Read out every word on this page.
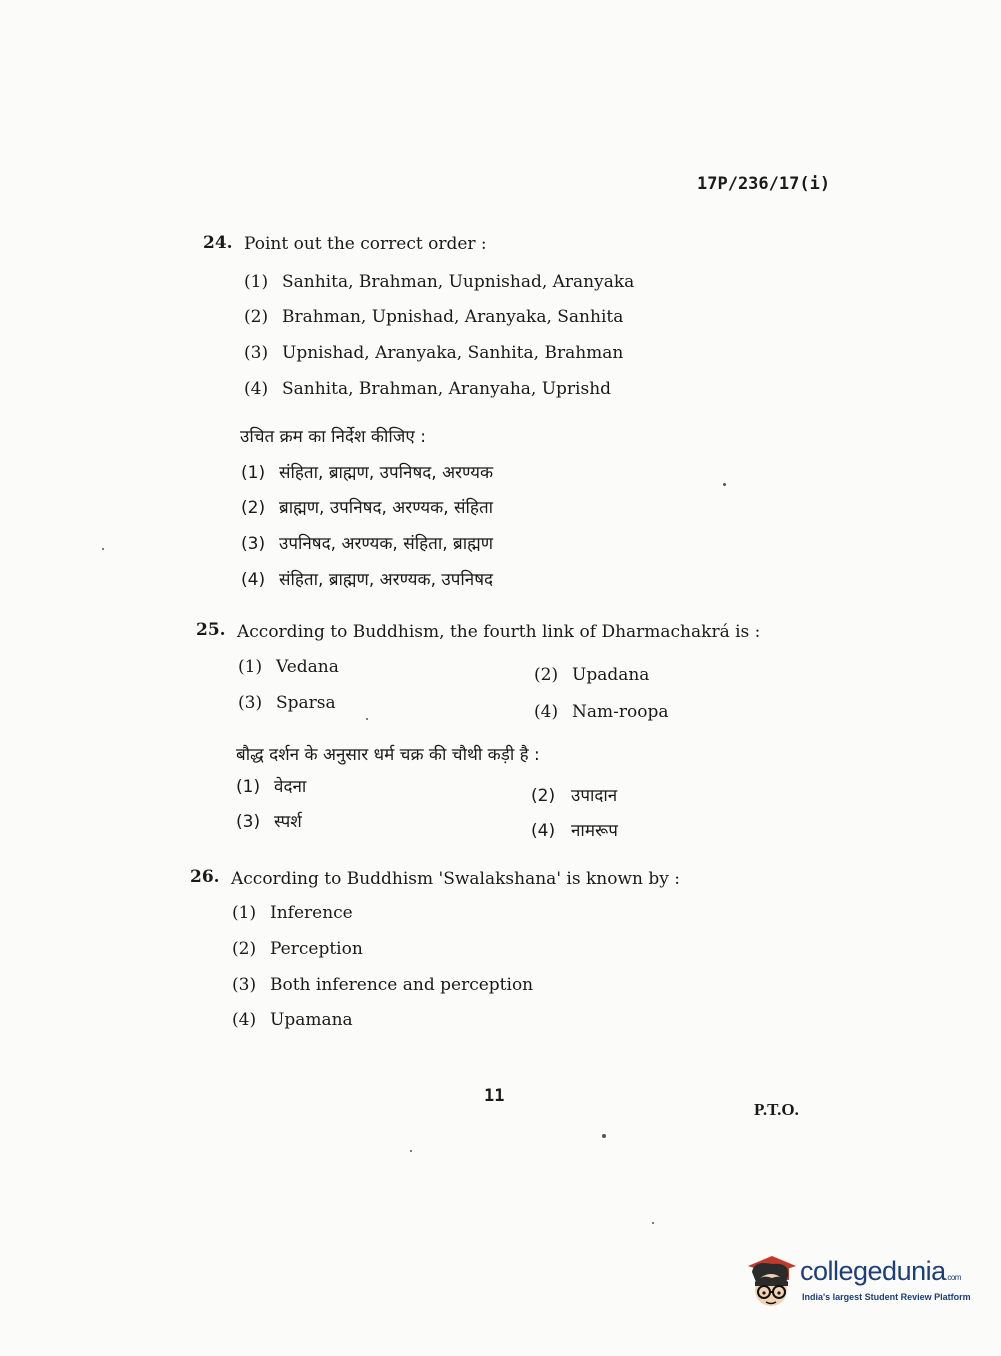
17P/236/17(i)
24. Point out the correct order :
(1) Sanhita, Brahman, Uupnishad, Aranyaka
(2) Brahman, Upnishad, Aranyaka, Sanhita
(3) Upnishad, Aranyaka, Sanhita, Brahman
(4) Sanhita, Brahman, Aranyaha, Uprishd
उचित क्रम का निर्देश कीजिए :
(1) संहिता, ब्राह्मण, उपनिषद, अरण्यक
(2) ब्राह्मण, उपनिषद, अरण्यक, संहिता
(3) उपनिषद, अरण्यक, संहिता, ब्राह्मण
(4) संहिता, ब्राह्मण, अरण्यक, उपनिषद
25. According to Buddhism, the fourth link of Dharmachakrá is :
(1) Vedana	(2) Upadana
(3) Sparsa	(4) Nam-roopa
बौद्ध दर्शन के अनुसार धर्म चक्र की चौथी कड़ी है :
(1) वेदना	(2) उपादान
(3) स्पर्श	(4) नामरूप
26. According to Buddhism 'Swalakshana' is known by :
(1) Inference
(2) Perception
(3) Both inference and perception
(4) Upamana
11
P.T.O.
collegedunia.com
India's largest Student Review Platform
